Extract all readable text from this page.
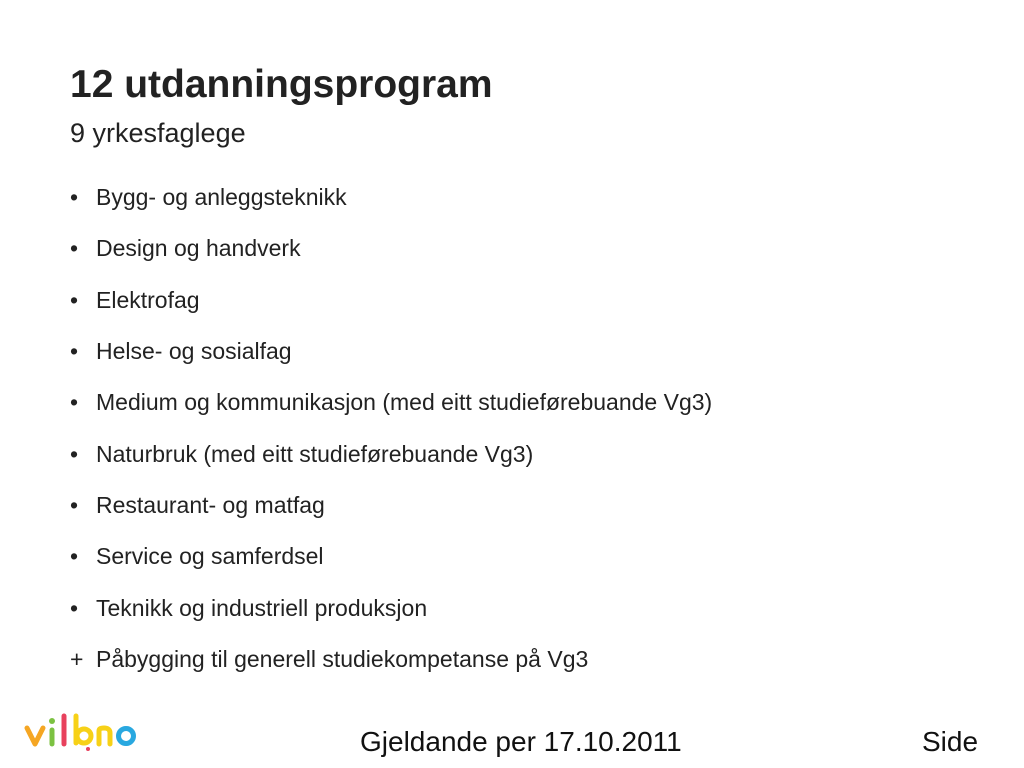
12 utdanningsprogram
9 yrkesfaglege
• Bygg- og anleggsteknikk
• Design og handverk
• Elektrofag
• Helse- og sosialfag
• Medium og kommunikasjon (med eitt studieførebuande Vg3)
• Naturbruk (med eitt studieførebuande Vg3)
• Restaurant- og matfag
• Service og samferdsel
• Teknikk og industriell produksjon
+ Påbygging til generell studiekompetanse på Vg3
Gjeldande per 17.10.2011	Side
